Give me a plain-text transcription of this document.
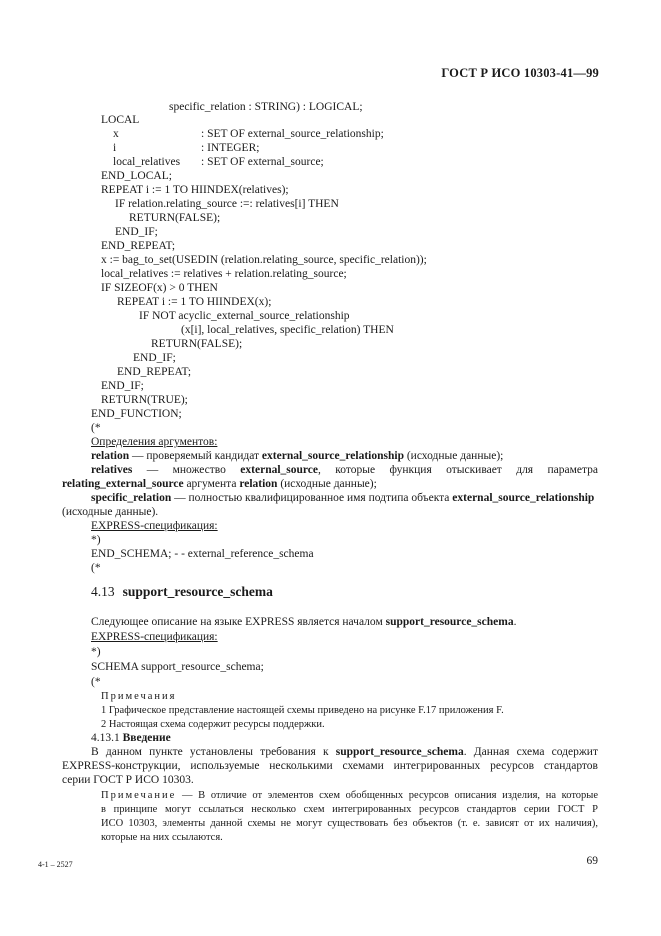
ГОСТ Р ИСО 10303-41—99
specific_relation : STRING) : LOGICAL;
LOCAL
x	: SET OF external_source_relationship;
i	: INTEGER;
local_relatives : SET OF external_source;
END_LOCAL;
REPEAT i := 1 TO HIINDEX(relatives);
IF relation.relating_source :=: relatives[i] THEN
RETURN(FALSE);
END_IF;
END_REPEAT;
x := bag_to_set(USEDIN (relation.relating_source, specific_relation));
local_relatives := relatives + relation.relating_source;
IF SIZEOF(x) > 0 THEN
REPEAT i := 1 TO HIINDEX(x);
IF NOT acyclic_external_source_relationship
(x[i], local_relatives, specific_relation) THEN
RETURN(FALSE);
END_IF;
END_REPEAT;
END_IF;
RETURN(TRUE);
END_FUNCTION;
(*
Определения аргументов:
relation — проверяемый кандидат external_source_relationship (исходные данные);
relatives — множество external_source, которые функция отыскивает для параметра
relating_external_source аргумента relation (исходные данные);
specific_relation — полностью квалифицированное имя подтипа объекта external_source_relationship
(исходные данные).
EXPRESS-спецификация:
*)
END_SCHEMA; - - external_reference_schema
(*
4.13 support_resource_schema
Следующее описание на языке EXPRESS является началом support_resource_schema.
EXPRESS-спецификация:
*)
SCHEMA support_resource_schema;
(*
Примечания
1 Графическое представление настоящей схемы приведено на рисунке F.17 приложения F.
2 Настоящая схема содержит ресурсы поддержки.
4.13.1 Введение
В данном пункте установлены требования к support_resource_schema. Данная схема содержит
EXPRESS-конструкции, используемые несколькими схемами интегрированных ресурсов стандартов
серии ГОСТ Р ИСО 10303.
Примечание — В отличие от элементов схем обобщенных ресурсов описания изделия, на которые
в принципе могут ссылаться несколько схем интегрированных ресурсов стандартов серии ГОСТ Р
ИСО 10303, элементы данной схемы не могут существовать без объектов (т. е. зависят от их наличия),
которые на них ссылаются.
4-1 – 2527	69
